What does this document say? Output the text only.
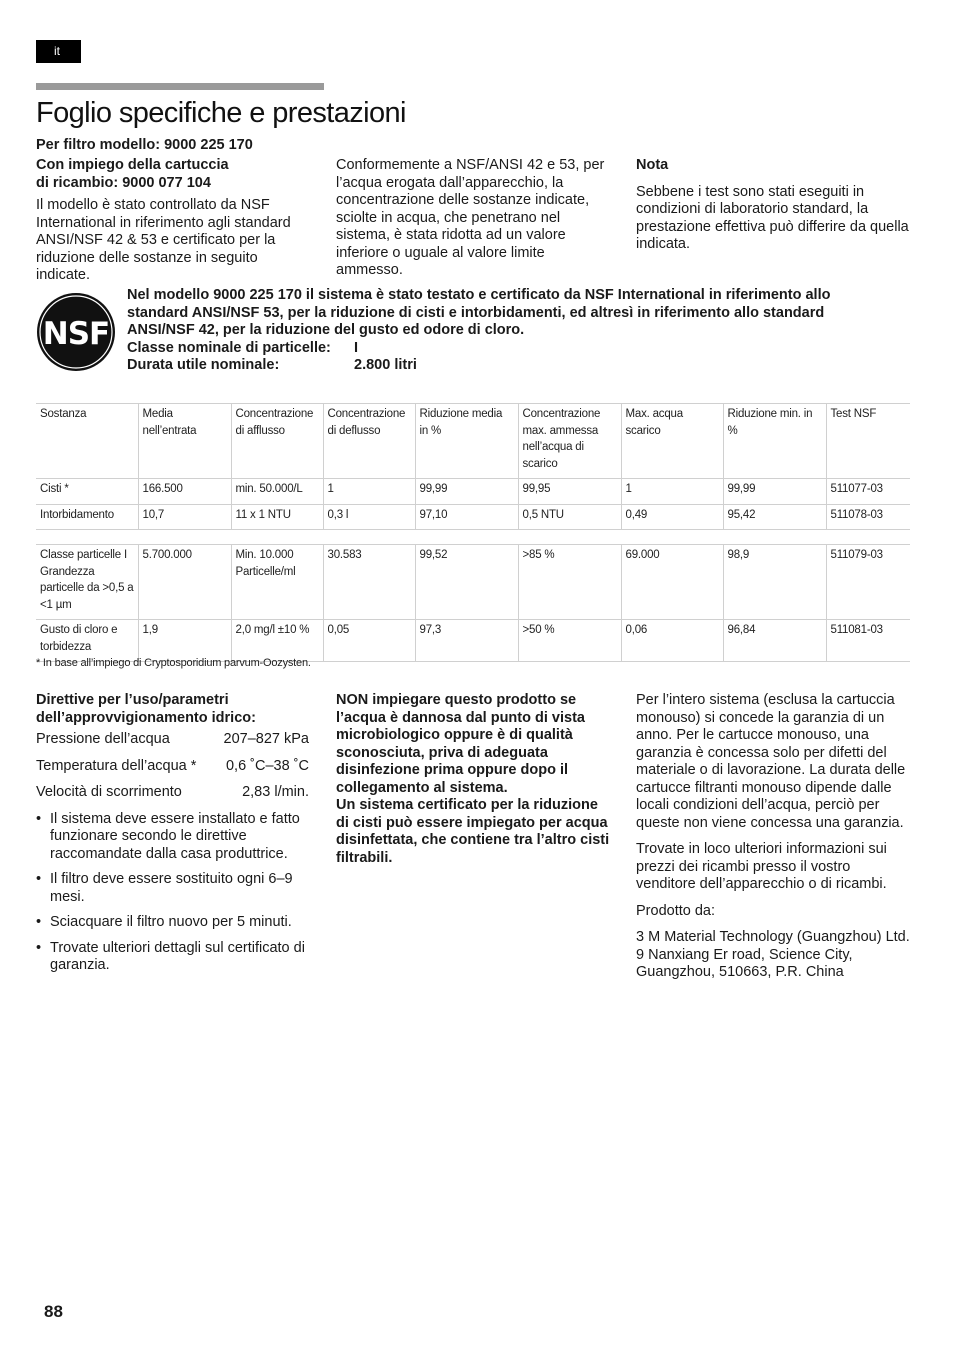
it
Foglio specifiche e prestazioni
Per filtro modello: 9000 225 170

Con impiego della cartuccia

di ricambio: 9000 077 104

Il modello è stato controllato da NSF International in riferimento agli standard ANSI/NSF 42 & 53 e certificato per la riduzione delle sostanze in seguito indicate.

Conformemente a NSF/ANSI 42 e 53, per l’acqua erogata dall’apparecchio, la concentrazione delle sostanze indicate, sciolte in acqua, che penetrano nel sistema, è stata ridotta ad un valore inferiore o uguale al valore limite ammesso.

Nota

Sebbene i test sono stati eseguiti in condizioni di laboratorio standard, la prestazione effettiva può differire da quella indicata.

NSF

Nel modello 9000 225 170 il sistema è stato testato e certificato da NSF International in riferimento allo

standard ANSI/NSF 53, per la riduzione di cisti e intorbidamenti, ed altresì in riferimento allo standard

ANSI/NSF 42, per la riduzione del gusto ed odore di cloro.

Classe nominale di particelle: I

Durata utile nominale:	2.800 litri

Sostanza	Media nell’entrata	Concentrazione di afflusso	Concentrazione di deflusso	Riduzione media in %	Concentrazione max. ammessa nell’acqua di scarico	Max. acqua scarico	Riduzione min. in %	Test NSF
Cisti *	166.500	min. 50.000/L	1	99,99	99,95	1	99,99	511077-03
Intorbidamento	10,7	11 x 1 NTU	0,3 l	97,10	0,5 NTU	0,49	95,42	511078-03

Classe particelle I Grandezza particelle da >0,5 a <1 µm	5.700.000	Min. 10.000 Particelle/ml	30.583	99,52	>85 %	69.000	98,9	511079-03
Gusto di cloro e torbidezza	1,9	2,0 mg/l ±10 %	0,05	97,3	>50 %	0,06	96,84	511081-03
* In base all’impiego di Cryptosporidium parvum-Oozysten.

Direttive per l’uso/parametri

dell’approvvigionamento idrico:

Pressione dell’acqua	207–827 kPa
Temperatura dell’acqua * 0,6 ˚C–38 ˚C
Velocità di scorrimento	2,83 l/min.
• Il sistema deve essere installato e fatto funzionare secondo le direttive raccomandate dalla casa produttrice.
• Il filtro deve essere sostituito ogni 6–9 mesi.
• Sciacquare il filtro nuovo per 5 minuti.
• Trovate ulteriori dettagli sul certificato di garanzia.

NON impiegare questo prodotto se l’acqua è dannosa dal punto di vista microbiologico oppure è di qualità sconosciuta, priva di adeguata disinfezione prima oppure dopo il collegamento al sistema.

Un sistema certificato per la riduzione di cisti può essere impiegato per acqua disinfettata, che contiene tra l’altro cisti filtrabili.

Per l’intero sistema (esclusa la cartuccia monouso) si concede la garanzia di un anno. Per le cartucce monouso, una garanzia è concessa solo per difetti del materiale o di lavorazione. La durata delle cartucce filtranti monouso dipende dalle locali condizioni dell’acqua, perciò per queste non viene concessa una garanzia.

Trovate in loco ulteriori informazioni sui prezzi dei ricambi presso il vostro venditore dell’apparecchio o di ricambi.

Prodotto da:

3 M Material Technology (Guangzhou) Ltd.

9 Nanxiang Er road, Science City, Guangzhou, 510663, P.R. China

88
